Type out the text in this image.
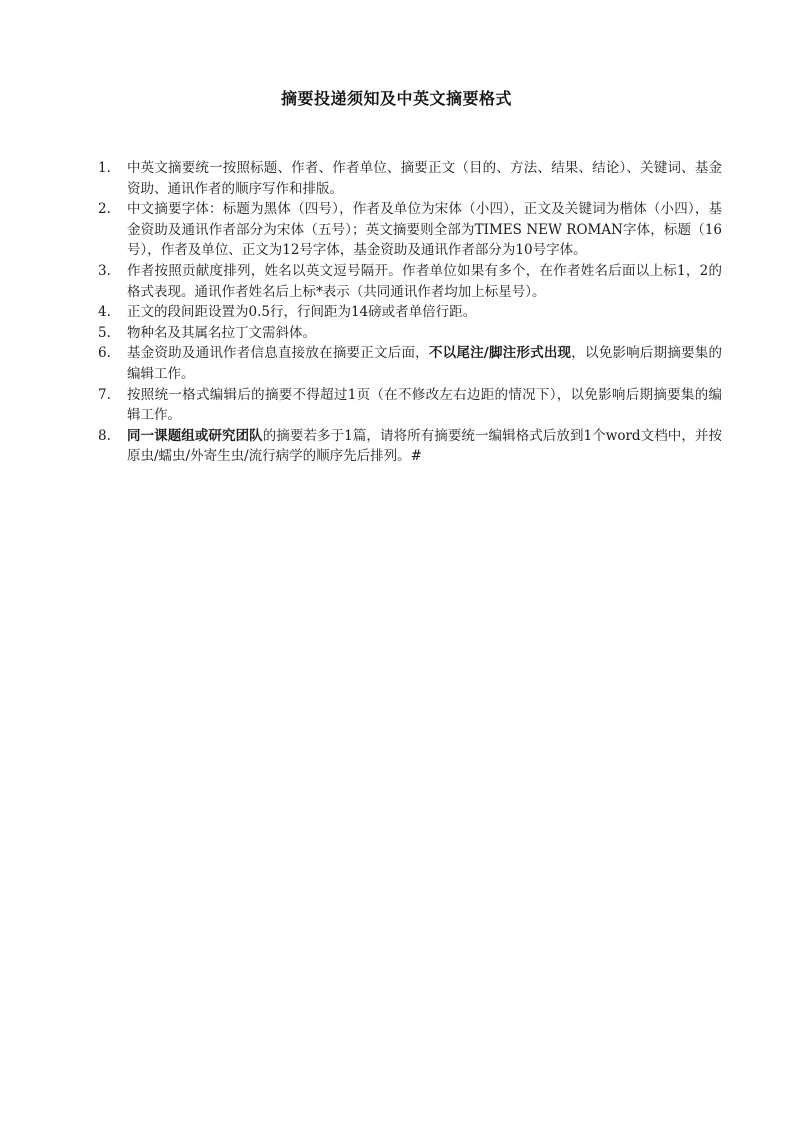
摘要投递须知及中英文摘要格式
1.	中英文摘要统一按照标题、作者、作者单位、摘要正文（目的、方法、结果、结论）、关键词、基金资助、通讯作者的顺序写作和排版。
2.	中文摘要字体：标题为黑体（四号），作者及单位为宋体（小四），正文及关键词为楷体（小四），基金资助及通讯作者部分为宋体（五号）；英文摘要则全部为TIMES NEW ROMAN字体，标题（16号），作者及单位、正文为12号字体，基金资助及通讯作者部分为10号字体。
3.	作者按照贡献度排列，姓名以英文逗号隔开。作者单位如果有多个，在作者姓名后面以上标1，2的格式表现。通讯作者姓名后上标*表示（共同通讯作者均加上标星号）。
4.	正文的段间距设置为0.5行，行间距为14磅或者单倍行距。
5.	物种名及其属名拉丁文需斜体。
6.	基金资助及通讯作者信息直接放在摘要正文后面，不以尾注/脚注形式出现，以免影响后期摘要集的编辑工作。
7.	按照统一格式编辑后的摘要不得超过1页（在不修改左右边距的情况下），以免影响后期摘要集的编辑工作。
8.	同一课题组或研究团队的摘要若多于1篇，请将所有摘要统一编辑格式后放到1个word文档中，并按原虫/蠕虫/外寄生虫/流行病学的顺序先后排列。#
